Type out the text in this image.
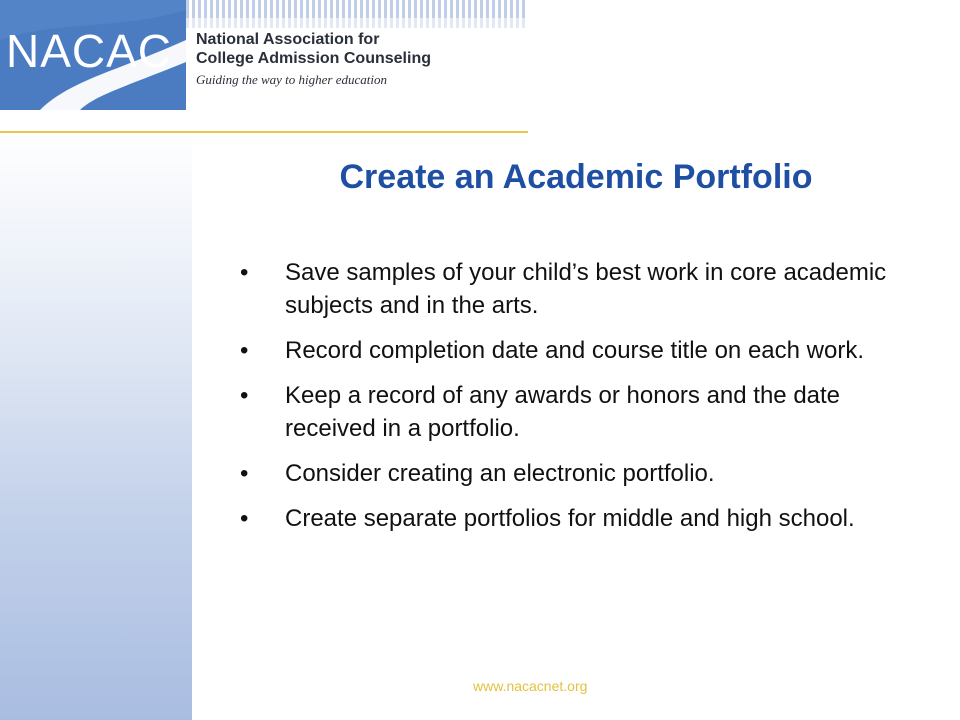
NACAC National Association for
College Admission Counseling
Guiding the way to higher education
Create an Academic Portfolio
• Save samples of your child’s best work in core academic subjects and in the arts.
• Record completion date and course title on each work.
• Keep a record of any awards or honors and the date received in a portfolio.
• Consider creating an electronic portfolio.
• Create separate portfolios for middle and high school.
www.nacacnet.org
